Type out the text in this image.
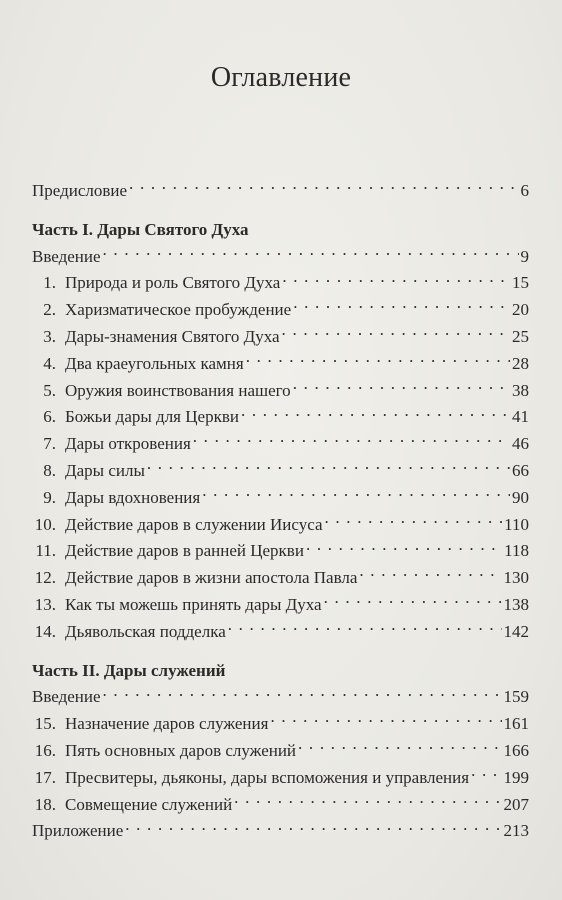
Оглавление
Предисловие . . .	6
Часть I. Дары Святого Духа
Введение . . .	9
1. Природа и роль Святого Духа . . .	15
2. Харизматическое пробуждение . . .	20
3. Дары-знамения Святого Духа . . .	25
4. Два краеугольных камня . . .	28
5. Оружия воинствования нашего . . .	38
6. Божьи дары для Церкви . . .	41
7. Дары откровения . . .	46
8. Дары силы . . .	66
9. Дары вдохновения . . .	90
10. Действие даров в служении Иисуса . . .	110
11. Действие даров в ранней Церкви . . .	118
12. Действие даров в жизни апостола Павла . . .	130
13. Как ты можешь принять дары Духа . . .	138
14. Дьявольская подделка . . .	142
Часть II. Дары служений
Введение . . .	159
15. Назначение даров служения . . .	161
16. Пять основных даров служений . . .	166
17. Пресвитеры, дьяконы, дары вспоможения и управления . . . 199
18. Совмещение служений . . .	207
Приложение . . .	213
